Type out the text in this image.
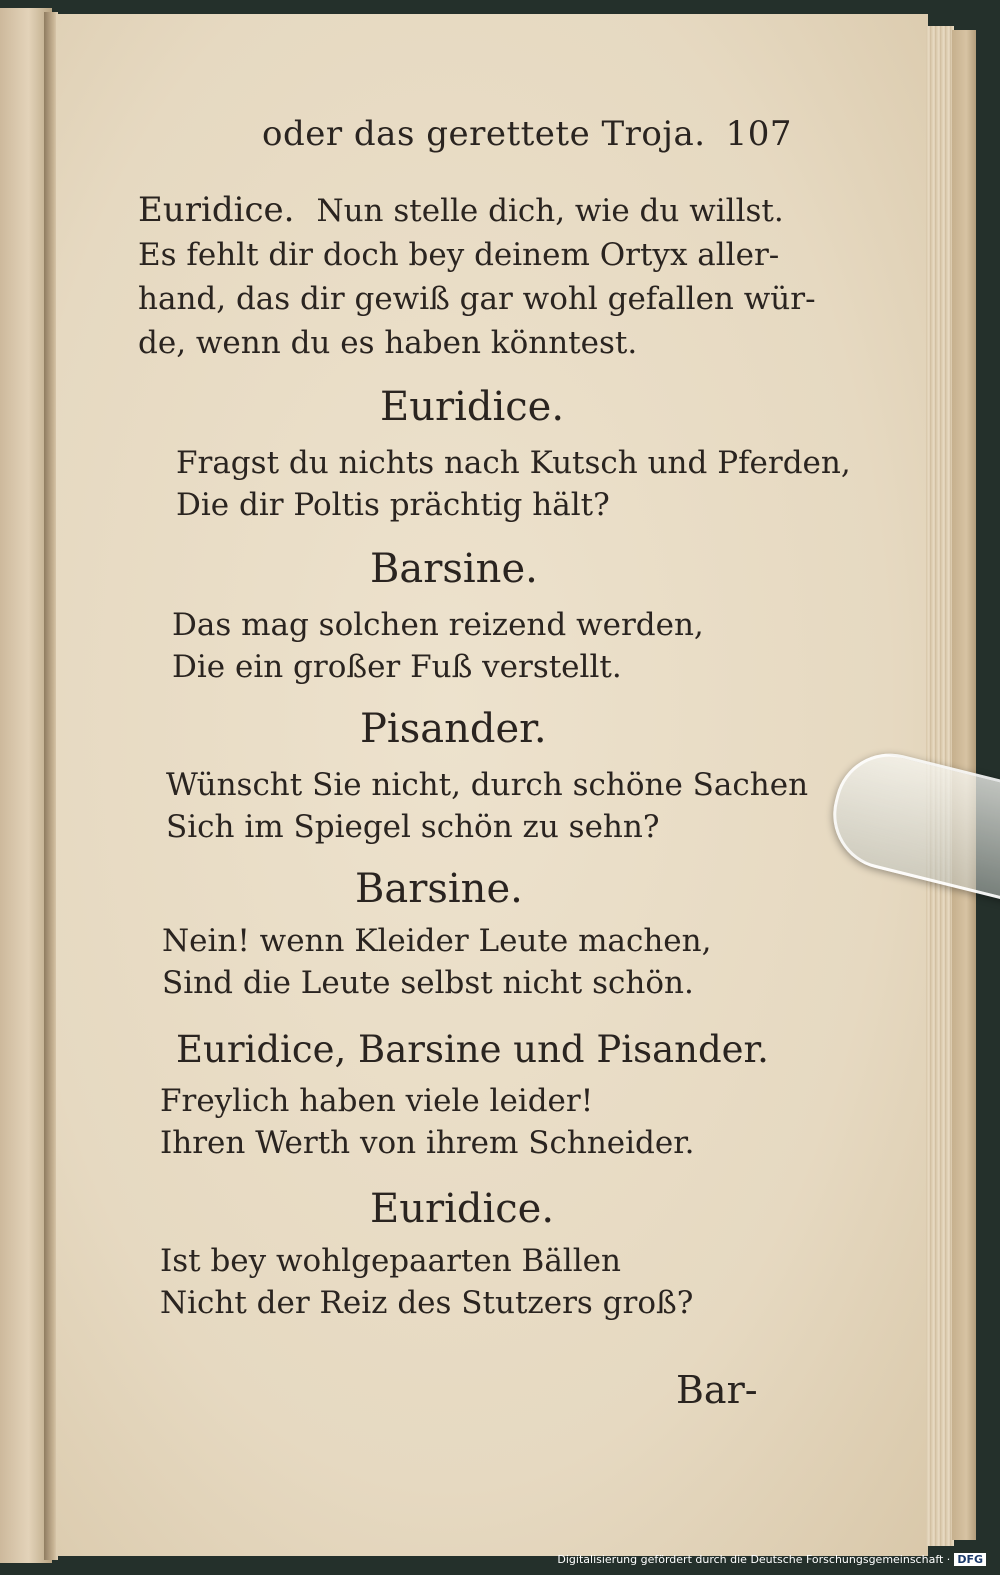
oder das gerettete Troja. 107
Euridice. Nun stelle dich, wie du willst.
Es fehlt dir doch bey deinem Ortyx aller-
hand, das dir gewiß gar wohl gefallen wür-
de, wenn du es haben könntest.
Euridice.
Fragst du nichts nach Kutsch und Pferden,
Die dir Poltis prächtig hält?
Barsine.
Das mag solchen reizend werden,
Die ein großer Fuß verstellt.
Pisander.
Wünscht Sie nicht, durch schöne Sachen
Sich im Spiegel schön zu sehn?
Barsine.
Nein! wenn Kleider Leute machen,
Sind die Leute selbst nicht schön.
Euridice, Barsine und Pisander.
Freylich haben viele leider!
Ihren Werth von ihrem Schneider.
Euridice.
Ist bey wohlgepaarten Bällen
Nicht der Reiz des Stutzers groß?
Bar-
Digitalisierung gefördert durch die Deutsche Forschungsgemeinschaft · DFG
